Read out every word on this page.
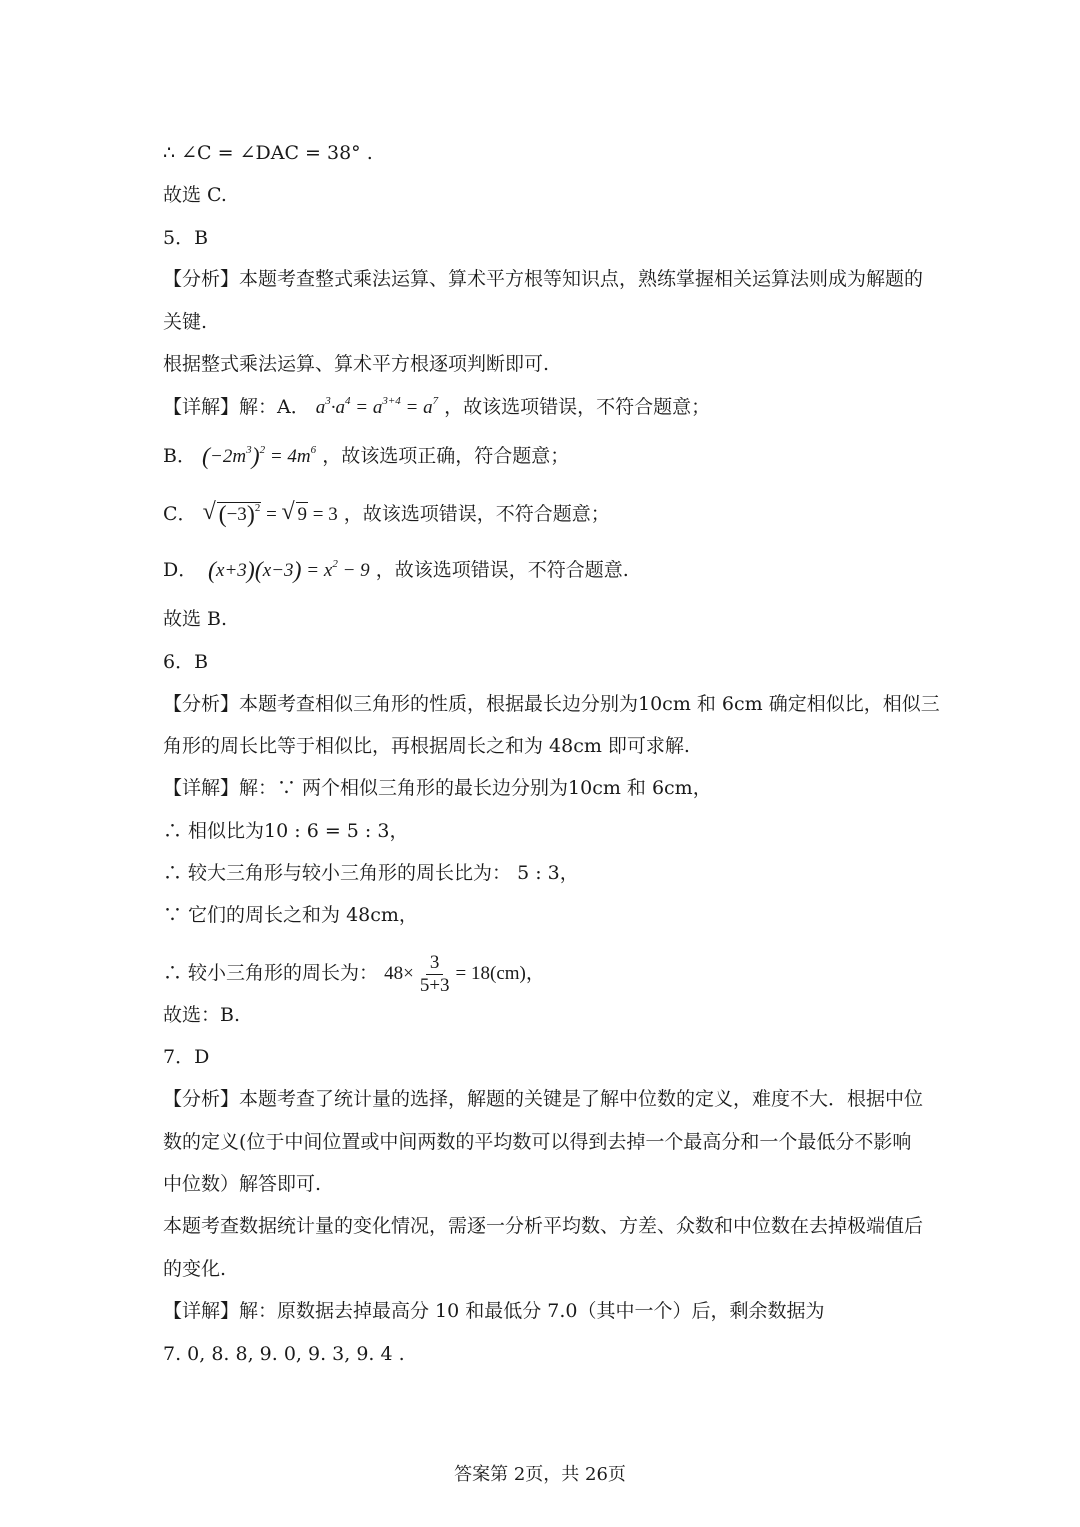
∴ ∠C = ∠DAC = 38° .
故选 C.
5．B
【分析】本题考查整式乘法运算、算术平方根等知识点，熟练掌握相关运算法则成为解题的
关键.
根据整式乘法运算、算术平方根逐项判断即可.
【详解】解：A． $a^3\cdot a^4 = a^{3+4} = a^7$ ，故该选项错误，不符合题意；
B． $(-2m^3)^2 = 4m^6$ ，故该选项正确，符合题意；
C． √ $(-3)^2$ = √ 9 = 3 ，故该选项错误，不符合题意；
D． $(x+3)(x-3) = x^2 - 9$ ，故该选项错误，不符合题意.
故选 B.
6．B
【分析】本题考查相似三角形的性质，根据最长边分别为10cm 和 6cm 确定相似比，相似三
角形的周长比等于相似比，再根据周长之和为 48cm 即可求解.
【详解】解：∵ 两个相似三角形的最长边分别为10cm 和 6cm，
∴ 相似比为10 : 6 = 5 : 3，
∴ 较大三角形与较小三角形的周长比为： 5 : 3，
∵ 它们的周长之和为 48cm，
∴ 较小三角形的周长为： $48\times \frac{3}{5+3} = 18(cm)$，
故选：B.
7．D
【分析】本题考查了统计量的选择，解题的关键是了解中位数的定义，难度不大．根据中位
数的定义(位于中间位置或中间两数的平均数可以得到去掉一个最高分和一个最低分不影响
中位数）解答即可.
本题考查数据统计量的变化情况，需逐一分析平均数、方差、众数和中位数在去掉极端值后
的变化.
【详解】解：原数据去掉最高分 10 和最低分 7.0（其中一个）后，剩余数据为
7. 0, 8. 8, 9. 0, 9. 3, 9. 4 .
答案第 2页，共 26页
